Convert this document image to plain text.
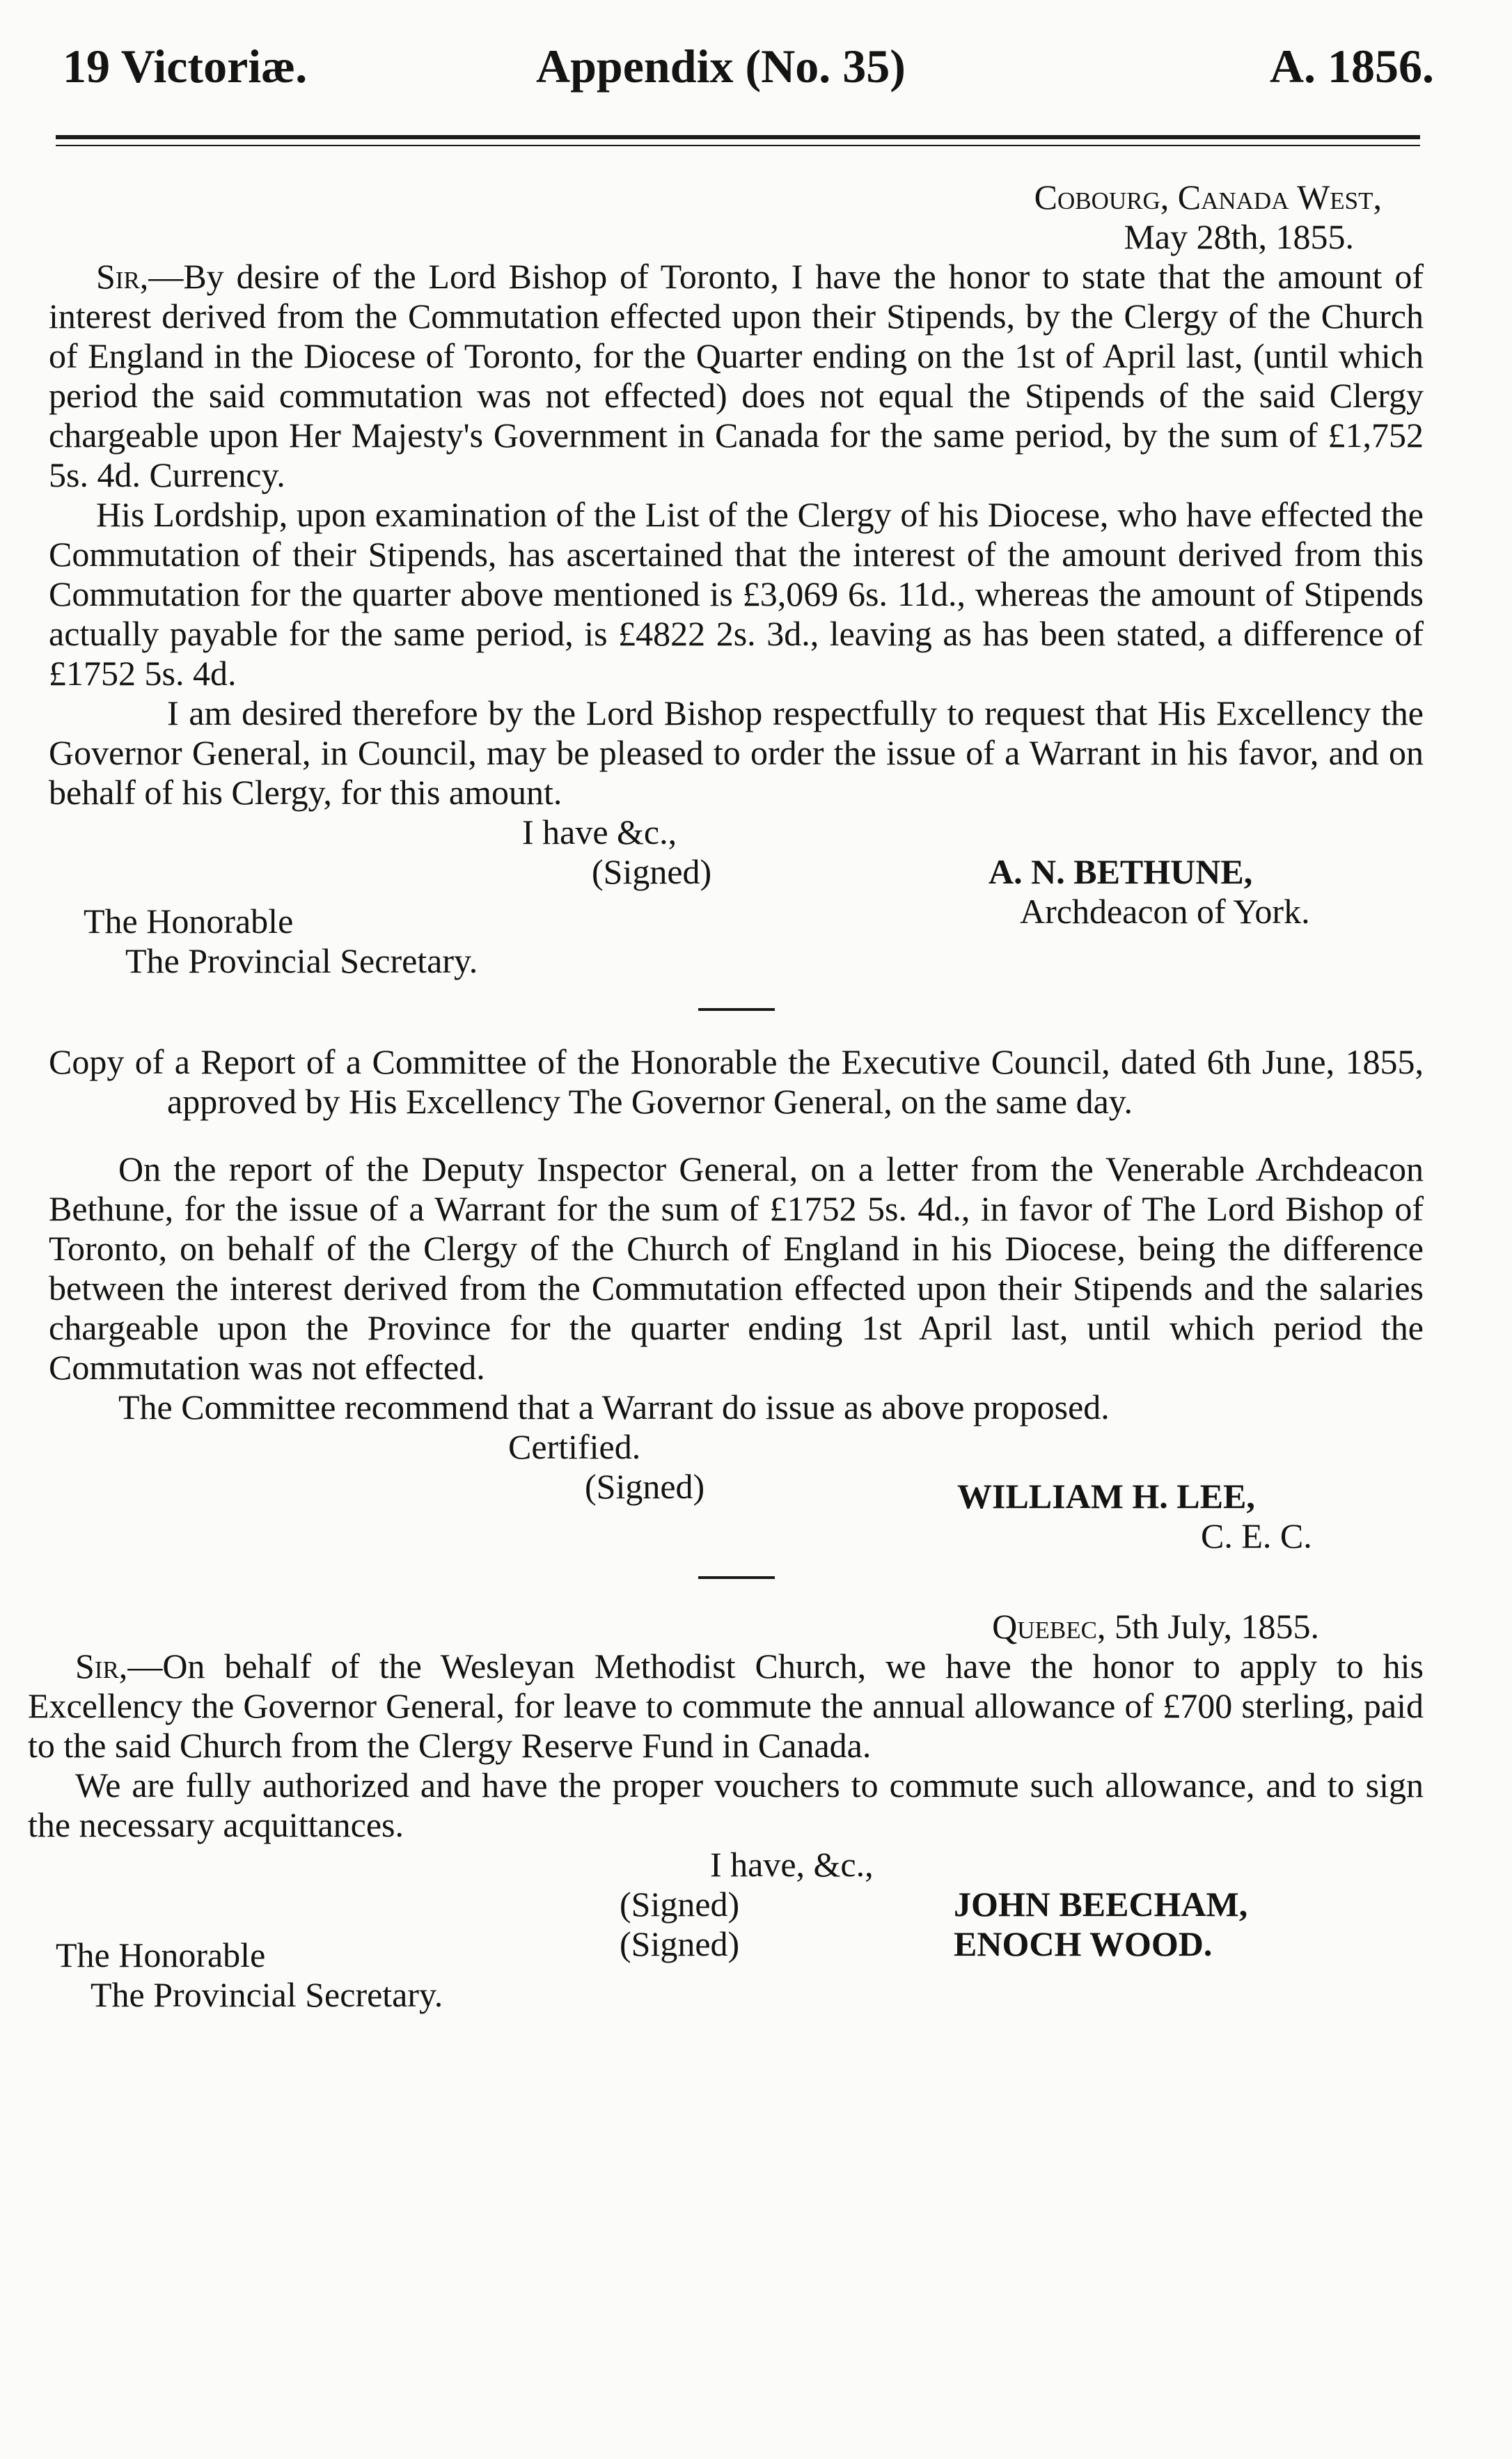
19 Victoriæ.	Appendix (No. 35)	A. 1856.
Cobourg, Canada West,
May 28th, 1855.

Sir,—By desire of the Lord Bishop of Toronto, I have the honor to state that the amount of interest derived from the Commutation effected upon their Stipends, by the Clergy of the Church of England in the Diocese of Toronto, for the Quarter ending on the 1st of April last, (until which period the said commutation was not effected) does not equal the Stipends of the said Clergy chargeable upon Her Majesty's Government in Canada for the same period, by the sum of £1,752 5s. 4d. Currency.

His Lordship, upon examination of the List of the Clergy of his Diocese, who have effected the Commutation of their Stipends, has ascertained that the interest of the amount derived from this Commutation for the quarter above mentioned is £3,069 6s. 11d., whereas the amount of Stipends actually payable for the same period, is £4822 2s. 3d., leaving as has been stated, a difference of £1752 5s. 4d.

I am desired therefore by the Lord Bishop respectfully to request that His Excellency the Governor General, in Council, may be pleased to order the issue of a Warrant in his favor, and on behalf of his Clergy, for this amount.

I have &c.,
(Signed)	A. N. BETHUNE,
The Honorable	Archdeacon of York.
The Provincial Secretary.

Copy of a Report of a Committee of the Honorable the Executive Council, dated 6th June, 1855, approved by His Excellency The Governor General, on the same day.

On the report of the Deputy Inspector General, on a letter from the Venerable Archdeacon Bethune, for the issue of a Warrant for the sum of £1752 5s. 4d., in favor of The Lord Bishop of Toronto, on behalf of the Clergy of the Church of England in his Diocese, being the difference between the interest derived from the Commutation effected upon their Stipends and the salaries chargeable upon the Province for the quarter ending 1st April last, until which period the Commutation was not effected.

The Committee recommend that a Warrant do issue as above proposed.

Certified.
(Signed)	WILLIAM H. LEE,
C. E. C.
Quebec, 5th July, 1855.

Sir,—On behalf of the Wesleyan Methodist Church, we have the honor to apply to his Excellency the Governor General, for leave to commute the annual allowance of £700 sterling, paid to the said Church from the Clergy Reserve Fund in Canada.

We are fully authorized and have the proper vouchers to commute such allowance, and to sign the necessary acquittances.

I have, &c.,
(Signed)	JOHN BEECHAM,
The Honorable	(Signed)	ENOCH WOOD.
The Provincial Secretary.
